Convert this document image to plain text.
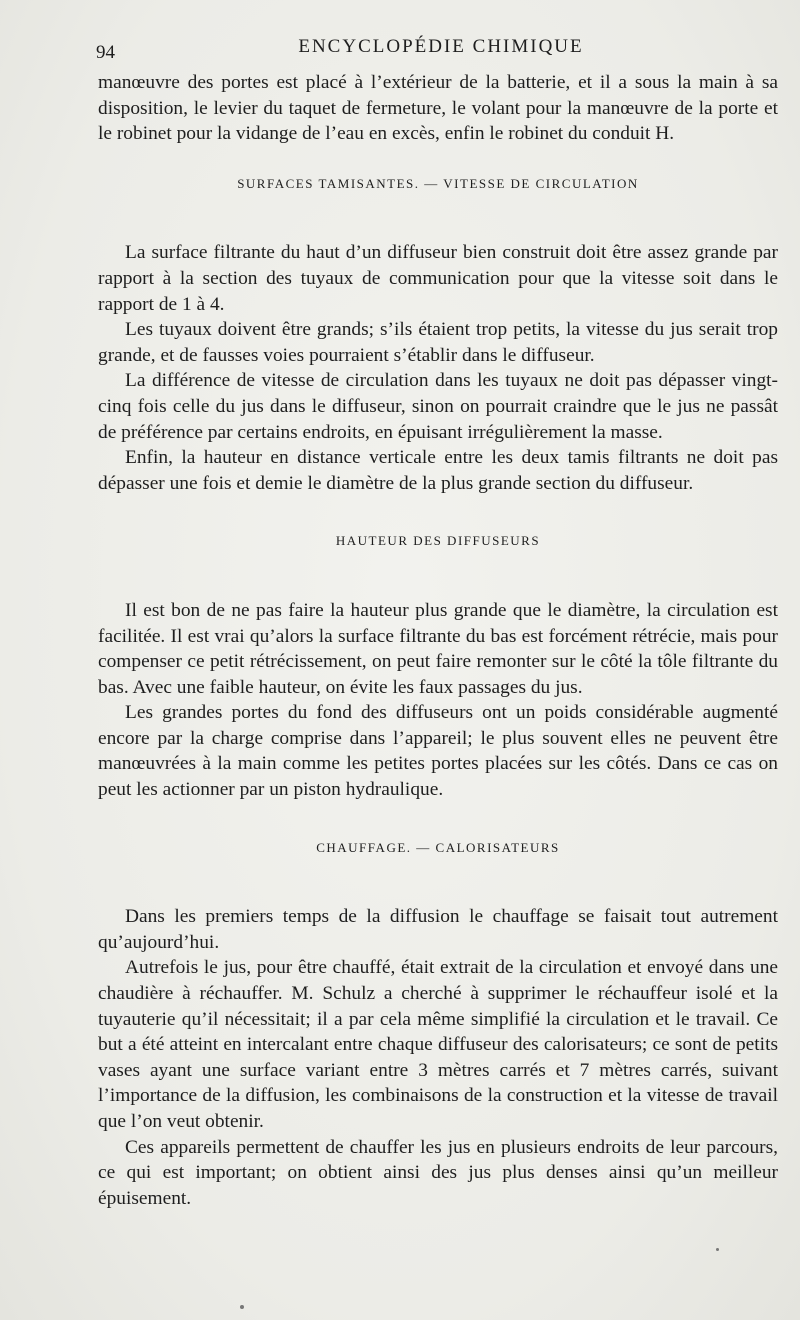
94	ENCYCLOPÉDIE CHIMIQUE

manœuvre des portes est placé à l’extérieur de la batterie, et il a sous la main à sa disposition, le levier du taquet de fermeture, le volant pour la manœuvre de la porte et le robinet pour la vidange de l’eau en excès, enfin le robinet du conduit H.

SURFACES TAMISANTES. — VITESSE DE CIRCULATION

La surface filtrante du haut d’un diffuseur bien construit doit être assez grande par rapport à la section des tuyaux de communication pour que la vitesse soit dans le rapport de 1 à 4.

Les tuyaux doivent être grands; s’ils étaient trop petits, la vitesse du jus serait trop grande, et de fausses voies pourraient s’établir dans le diffuseur.

La différence de vitesse de circulation dans les tuyaux ne doit pas dépasser vingt-cinq fois celle du jus dans le diffuseur, sinon on pourrait craindre que le jus ne passât de préférence par certains endroits, en épuisant irrégulièrement la masse.

Enfin, la hauteur en distance verticale entre les deux tamis filtrants ne doit pas dépasser une fois et demie le diamètre de la plus grande section du diffuseur.

HAUTEUR DES DIFFUSEURS

Il est bon de ne pas faire la hauteur plus grande que le diamètre, la circulation est facilitée. Il est vrai qu’alors la surface filtrante du bas est forcément rétrécie, mais pour compenser ce petit rétrécissement, on peut faire remonter sur le côté la tôle filtrante du bas. Avec une faible hauteur, on évite les faux passages du jus.

Les grandes portes du fond des diffuseurs ont un poids considérable augmenté encore par la charge comprise dans l’appareil; le plus souvent elles ne peuvent être manœuvrées à la main comme les petites portes placées sur les côtés. Dans ce cas on peut les actionner par un piston hydraulique.

CHAUFFAGE. — CALORISATEURS

Dans les premiers temps de la diffusion le chauffage se faisait tout autrement qu’aujourd’hui.

Autrefois le jus, pour être chauffé, était extrait de la circulation et envoyé dans une chaudière à réchauffer. M. Schulz a cherché à supprimer le réchauffeur isolé et la tuyauterie qu’il nécessitait; il a par cela même simplifié la circulation et le travail. Ce but a été atteint en intercalant entre chaque diffuseur des calorisateurs; ce sont de petits vases ayant une surface variant entre 3 mètres carrés et 7 mètres carrés, suivant l’importance de la diffusion, les combinaisons de la construction et la vitesse de travail que l’on veut obtenir.

Ces appareils permettent de chauffer les jus en plusieurs endroits de leur parcours, ce qui est important; on obtient ainsi des jus plus denses ainsi qu’un meilleur épuisement.
